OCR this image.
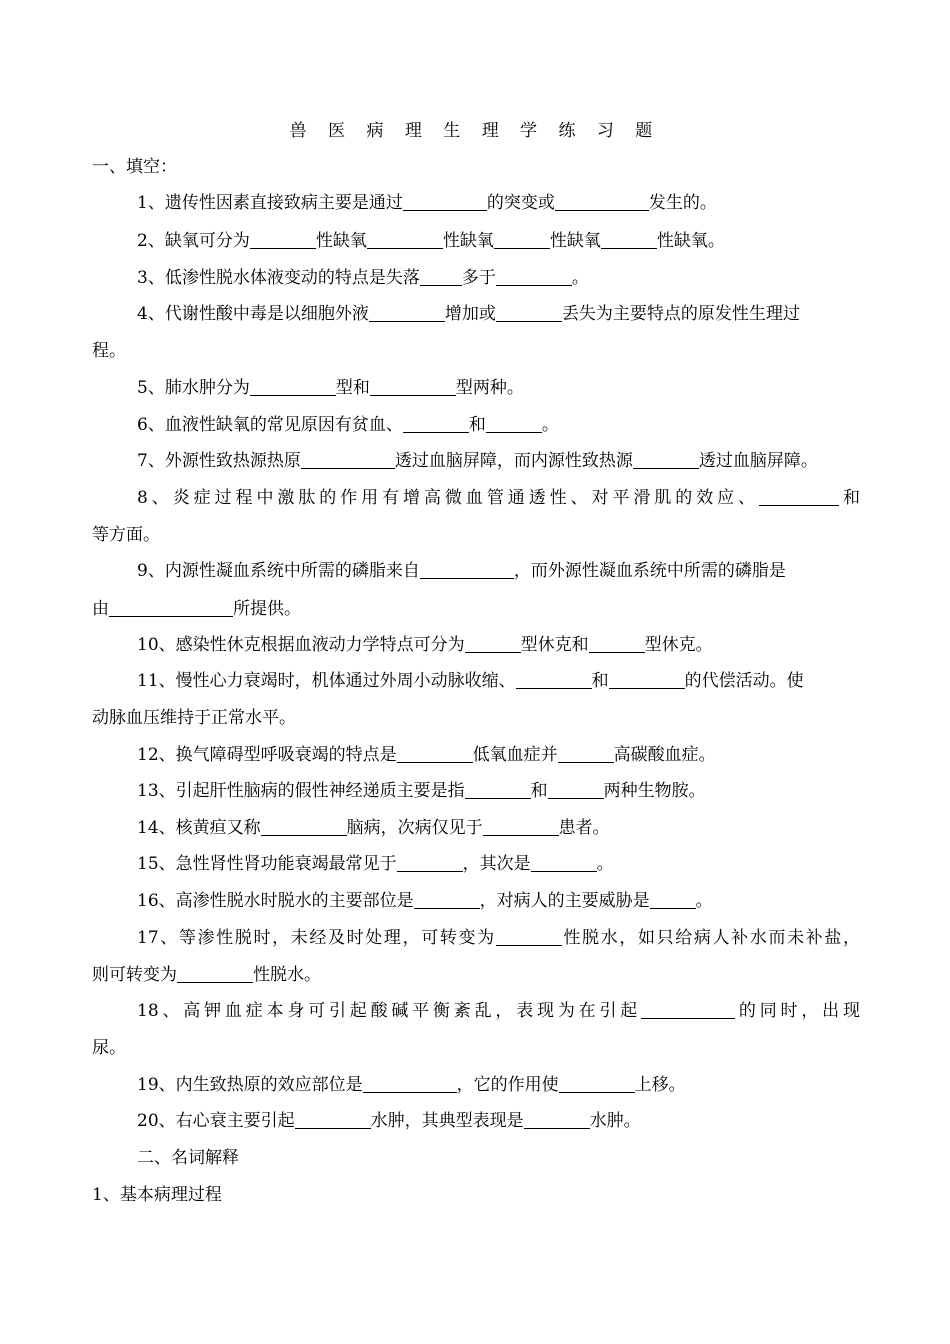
兽 医 病 理 生 理 学 练 习 题
一、填空：
1、遗传性因素直接致病主要是通过	的突变或	发生的。
2、缺氧可分为	性缺氧	性缺氧	性缺氧	性缺氧。
3、低渗性脱水体液变动的特点是失落 多于	。
4、代谢性酸中毒是以细胞外液	增加或	丢失为主要特点的原发性生理过
程。
5、肺水肿分为	型和	型两种。
6、血液性缺氧的常见原因有贫血、	和	。
7、外源性致热源热原	透过血脑屏障，而内源性致热源	透过血脑屏障。
8、炎症过程中激肽的作用有增高微血管通透性、对平滑肌的效应、	和
等方面。
9、内源性凝血系统中所需的磷脂来自	，而外源性凝血系统中所需的磷脂是
由	所提供。
10、感染性休克根据血液动力学特点可分为	型休克和	型休克。
11、慢性心力衰竭时，机体通过外周小动脉收缩、	和	的代偿活动。使
动脉血压维持于正常水平。
12、换气障碍型呼吸衰竭的特点是	低氧血症并	高碳酸血症。
13、引起肝性脑病的假性神经递质主要是指	和	两种生物胺。
14、核黄疸又称	脑病，次病仅见于	患者。
15、急性肾性肾功能衰竭最常见于	，其次是	。
16、高渗性脱水时脱水的主要部位是	，对病人的主要威胁是	。
17、等渗性脱时，未经及时处理，可转变为	性脱水，如只给病人补水而未补盐，
则可转变为	性脱水。
18、高钾血症本身可引起酸碱平衡紊乱，表现为在引起	的同时，出现
尿。
19、内生致热原的效应部位是	，它的作用使	上移。
20、右心衰主要引起	水肿，其典型表现是	水肿。
二、名词解释
1、基本病理过程
